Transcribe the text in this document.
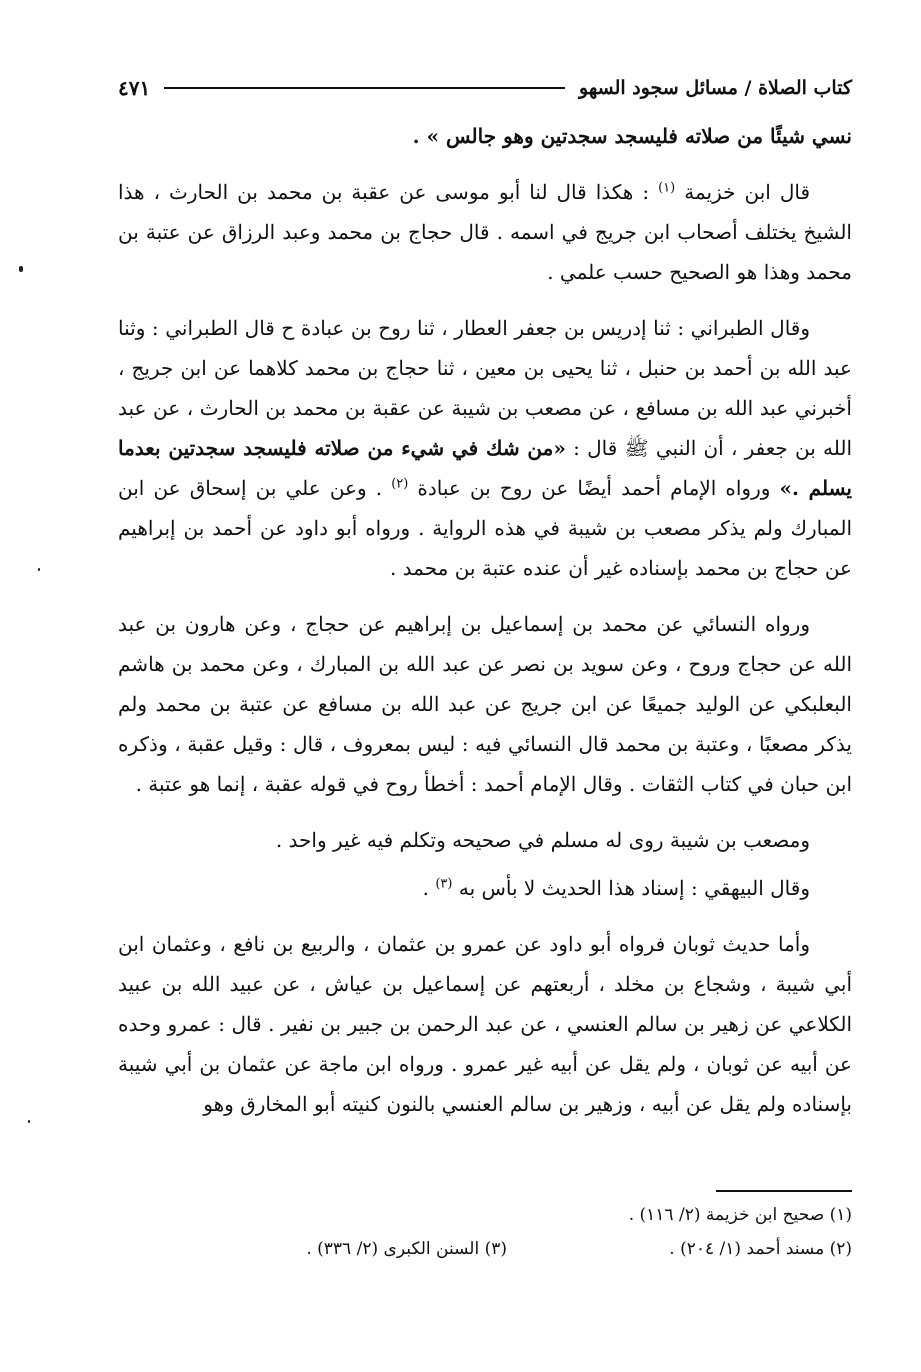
كتاب الصلاة / مسائل سجود السهو
٤٧١

نسي شيئًا من صلاته فليسجد سجدتين وهو جالس » .

قال ابن خزيمة $^{(١)}$ : هكذا قال لنا أبو موسى عن عقبة بن محمد بن الحارث ، هذا الشيخ يختلف أصحاب ابن جريج في اسمه . قال حجاج بن محمد وعبد الرزاق عن عتبة بن محمد وهذا هو الصحيح حسب علمي .

وقال الطبراني : ثنا إدريس بن جعفر العطار ، ثنا روح بن عبادة ح قال الطبراني : وثنا عبد الله بن أحمد بن حنبل ، ثنا يحيى بن معين ، ثنا حجاج بن محمد كلاهما عن ابن جريج ، أخبرني عبد الله بن مسافع ، عن مصعب بن شيبة عن عقبة بن محمد بن الحارث ، عن عبد الله بن جعفر ، أن النبي ﷺ قال : «من شك في شيء من صلاته فليسجد سجدتين بعدما يسلم .» ورواه الإمام أحمد أيضًا عن روح بن عبادة $^{(٢)}$ . وعن علي بن إسحاق عن ابن المبارك ولم يذكر مصعب بن شيبة في هذه الرواية . ورواه أبو داود عن أحمد بن إبراهيم عن حجاج بن محمد بإسناده غير أن عنده عتبة بن محمد .

ورواه النسائي عن محمد بن إسماعيل بن إبراهيم عن حجاج ، وعن هارون بن عبد الله عن حجاج وروح ، وعن سويد بن نصر عن عبد الله بن المبارك ، وعن محمد بن هاشم البعلبكي عن الوليد جميعًا عن ابن جريج عن عبد الله بن مسافع عن عتبة بن محمد ولم يذكر مصعبًا ، وعتبة بن محمد قال النسائي فيه : ليس بمعروف ، قال : وقيل عقبة ، وذكره ابن حبان في كتاب الثقات . وقال الإمام أحمد : أخطأ روح في قوله عقبة ، إنما هو عتبة .

ومصعب بن شيبة روى له مسلم في صحيحه وتكلم فيه غير واحد .

وقال البيهقي : إسناد هذا الحديث لا بأس به $^{(٣)}$ .

وأما حديث ثوبان فرواه أبو داود عن عمرو بن عثمان ، والربيع بن نافع ، وعثمان ابن أبي شيبة ، وشجاع بن مخلد ، أربعتهم عن إسماعيل بن عياش ، عن عبيد الله بن عبيد الكلاعي عن زهير بن سالم العنسي ، عن عبد الرحمن بن جبير بن نفير . قال : عمرو وحده عن أبيه عن ثوبان ، ولم يقل عن أبيه غير عمرو . ورواه ابن ماجة عن عثمان بن أبي شيبة بإسناده ولم يقل عن أبيه ، وزهير بن سالم العنسي بالنون كنيته أبو المخارق وهو

(١) صحيح ابن خزيمة (٢/ ١١٦) .
(٢) مسند أحمد (١/ ٢٠٤) .
(٣) السنن الكبرى (٢/ ٣٣٦) .
